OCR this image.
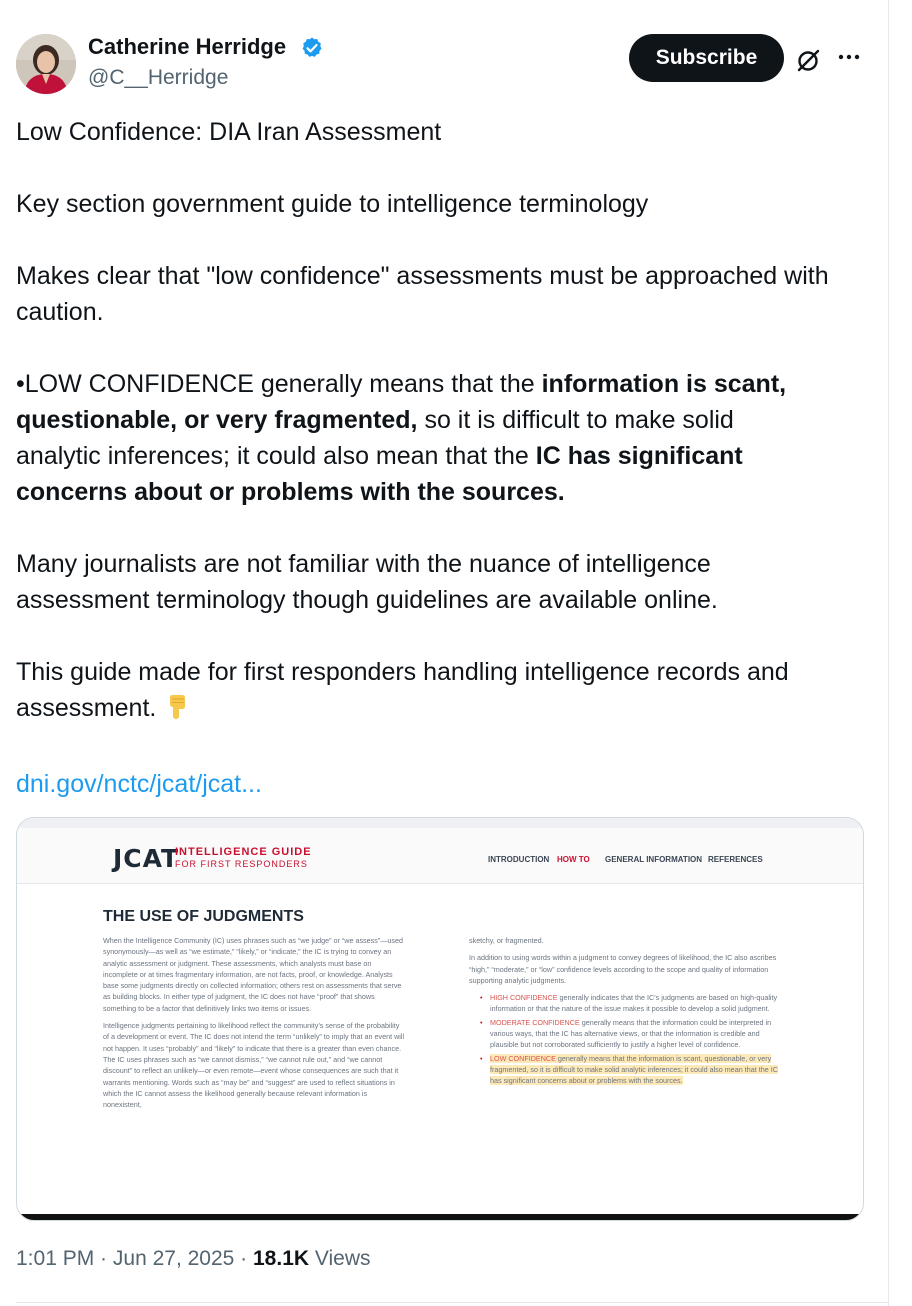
Catherine Herridge
@C__Herridge
Subscribe

Low Confidence: DIA Iran Assessment

Key section government guide to intelligence terminology

Makes clear that "low confidence" assessments must be approached with caution.

•LOW CONFIDENCE generally means that the information is scant, questionable, or very fragmented, so it is difficult to make solid analytic inferences; it could also mean that the IC has significant concerns about or problems with the sources.

Many journalists are not familiar with the nuance of intelligence assessment terminology though guidelines are available online.

This guide made for first responders handling intelligence records and assessment.

dni.gov/nctc/jcat/jcat...

JCAT
INTELLIGENCE GUIDE
FOR FIRST RESPONDERS	INTRODUCTION HOW TO GENERAL INFORMATION REFERENCES
THE USE OF JUDGMENTS

When the Intelligence Community (IC) uses phrases such as “we judge” or “we assess”—used synonymously—as well as “we estimate,” “likely,” or “indicate,” the IC is trying to convey an analytic assessment or judgment. These assessments, which analysts must base on incomplete or at times fragmentary information, are not facts, proof, or knowledge. Analysts base some judgments directly on collected information; others rest on assessments that serve as building blocks. In either type of judgment, the IC does not have “proof” that shows something to be a factor that definitively links two items or issues.

Intelligence judgments pertaining to likelihood reflect the community’s sense of the probability of a development or event. The IC does not intend the term “unlikely” to imply that an event will not happen. It uses “probably” and “likely” to indicate that there is a greater than even chance. The IC uses phrases such as “we cannot dismiss,” “we cannot rule out,” and “we cannot discount” to reflect an unlikely—or even remote—event whose consequences are such that it warrants mentioning. Words such as “may be” and “suggest” are used to reflect situations in which the IC cannot assess the likelihood generally because relevant information is nonexistent,

sketchy, or fragmented.

In addition to using words within a judgment to convey degrees of likelihood, the IC also ascribes “high,” “moderate,” or “low” confidence levels according to the scope and quality of information supporting analytic judgments.

• HIGH CONFIDENCE generally indicates that the IC’s judgments are based on high-quality information or that the nature of the issue makes it possible to develop a solid judgment.
• MODERATE CONFIDENCE generally means that the information could be interpreted in various ways, that the IC has alternative views, or that the information is credible and plausible but not corroborated sufficiently to justify a higher level of confidence.
• LOW CONFIDENCE generally means that the information is scant, questionable, or very fragmented, so it is difficult to make solid analytic inferences; it could also mean that the IC has significant concerns about or problems with the sources.
1:01 PM · Jun 27, 2025 · 18.1K Views
